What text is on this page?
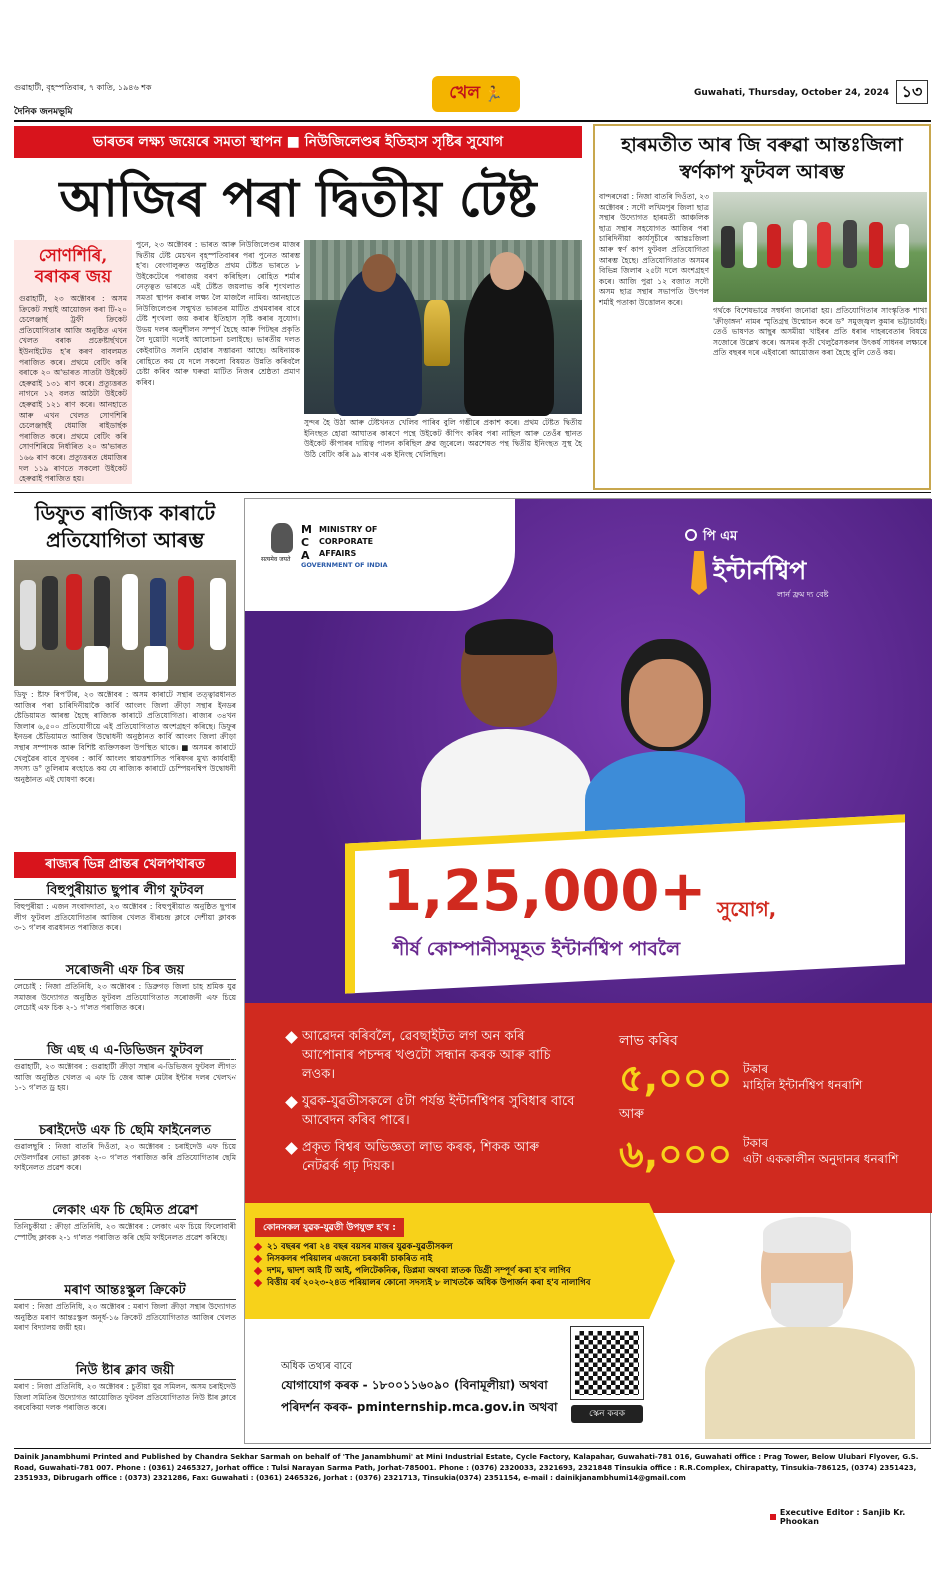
গুৱাহাটী, বৃহস্পতিবাৰ, ৭ কাতি, ১৯৪৬ শক
দৈনিক জনমভূমি
খেল 🏃	Guwahati, Thursday, October 24, 2024 ১৩
ভাৰতৰ লক্ষ্য জয়েৰে সমতা স্থাপন ■ নিউজিলেণ্ডৰ ইতিহাস সৃষ্টিৰ সুযোগ
আজিৰ পৰা দ্বিতীয় টেষ্ট
সোণশিৰি, বৰাকৰ জয়
গুৱাহাটী, ২৩ অক্টোবৰ : অসম ক্ৰিকেট সন্থাই আয়োজন কৰা টি-২০ চেলেঞ্জাৰ্ছ ট্ৰফী ক্ৰিকেট প্ৰতিযোগিতাৰ আজি অনুষ্ঠিত এখন খেলত বৰাক প্ৰক্ৰেষ্টাৰ্ছখনে ইউনাইটেড হ'ৰ কৰণ বাবলমত পৰাজিত কৰে। প্ৰথমে বেটিং কৰি বৰাকে ২০ অ'ভাৰত সাতটা উইকেট হেৰুৱাই ১৩১ ৰাণ কৰে। প্ৰত্যুত্তৰত নাগনে ১২ বলত আঠটা উইকেট হেৰুৱাই ১২১ ৰাণ কৰে। আনহাতে আৰু এখন খেলত সোণশিৰি চেলেঞ্জাৰ্ছই ধেমাজি ৰাইডাৰ্ছক পৰাজিত কৰে। প্ৰথমে বেটিং কৰি সোণশিৰিয়ে নিৰ্ধাৰিত ২০ অ'ভাৰত ১৬৬ ৰাণ কৰে। প্ৰত্যুত্তৰত ধেমাজিৰ দল ১১৯ ৰাণতে সকলো উইকেট হেৰুৱাই পৰাজিত হয়।
পুনে, ২৩ অক্টোবৰ : ভাৰত আৰু নিউজিলেণ্ডৰ মাজৰ দ্বিতীয় টেষ্ট মেচখন বৃহস্পতিবাৰৰ পৰা পুনেত আৰম্ভ হ'ব। বেংগালুৰুত অনুষ্ঠিত প্ৰথম টেষ্টত ভাৰতে ৮ উইকেটেৰে পৰাজয় বৰণ কৰিছিল। ৰোহিত শৰ্মাৰ নেতৃত্বত ভাৰতে এই টেষ্টত জয়লাভ কৰি শৃংখলাত সমতা স্থাপন কৰাৰ লক্ষ্য লৈ মাজলৈ নামিব। আনহাতে নিউজিলেণ্ডৰ সন্মুখত ভাৰতৰ মাটিত প্ৰথমবাৰৰ বাবে টেষ্ট শৃংখলা জয় কৰাৰ ইতিহাস সৃষ্টি কৰাৰ সুযোগ। উভয় দলৰ অনুশীলন সম্পূৰ্ণ হৈছে আৰু পিটছৰ প্ৰকৃতি লৈ দুয়োটা দলেই আলোচনা চলাইছে। ভাৰতীয় দলত কেইবাটাও সলনি হোৱাৰ সম্ভাৱনা আছে। অধিনায়ক ৰোহিতে কয় যে দলে সকলো বিষয়ত উন্নতি কৰিবলৈ চেষ্টা কৰিব আৰু ঘৰুৱা মাটিত নিজৰ শ্ৰেষ্ঠতা প্ৰমাণ কৰিব।
সুন্দৰ হৈ উঠা আৰু টেষ্টখনত খেলিব পাৰিব বুলি গম্ভীৰে প্ৰকাশ কৰে। প্ৰথম টেষ্টত দ্বিতীয় ইনিংছত হোৱা আঘাতৰ কাৰণে পন্থে উইকেট কীপিং কৰিব পৰা নাছিল আৰু তেওঁৰ স্থানত উইকেট কীপাৰৰ দায়িত্ব পালন কৰিছিল ধ্ৰুৱ জুৰেলে। অৱশেষত পন্থ দ্বিতীয় ইনিংছত সুস্থ হৈ উঠি বেটিং কৰি ৯৯ ৰাণৰ এক ইনিংছ খেলিছিল।
হাৰমতীত আৰ জি বৰুৱা আন্তঃজিলা স্বৰ্ণকাপ ফুটবল আৰম্ভ
বান্দৰদেৱা : নিজা বাতৰি দিওঁতা, ২৩ অক্টোবৰ : সদৌ লখিমপুৰ জিলা ছাত্ৰ সন্থাৰ উদ্যোগত হাৰমতী আঞ্চলিক ছাত্ৰ সন্থাৰ সহযোগত আজিৰ পৰা চাৰিদিনীয়া কাৰ্যসূচীৰে আন্তঃজিলা আৰু স্বৰ্ণ কাপ ফুটবল প্ৰতিযোগিতা আৰম্ভ হৈছে। প্ৰতিযোগিতাত অসমৰ বিভিন্ন জিলাৰ ২৫টা দলে অংশগ্ৰহণ কৰে। আজি পুৱা ১২ বজাত সদৌ অসম ছাত্ৰ সন্থাৰ সভাপতি উৎপল শৰ্মাই পতাকা উত্তোলন কৰে।
গৰ্থকে বিশেষভাৱে সম্বৰ্ধনা জনোৱা হয়। প্ৰতিযোগিতাৰ সাংস্কৃতিক শাখা 'ক্ৰীড়াঙ্গন' নামৰ স্মৃতিগ্ৰন্থ উন্মোচন কৰে ড° সমুজ্জ্বল কুমাৰ ভট্টাচাৰ্যই। তেওঁ ভাষণত আছুৰ অসমীয়া খাইৰৰ প্ৰতি ধৰাৰ দাহৰবেতাৰ বিষয়ে সজোৰে উল্লেখ কৰে। অসমৰ কৃতী খেলুৱৈসকলৰ উৎকৰ্ষ সাধনৰ লক্ষ্যৰে প্ৰতি বছৰৰ দৰে এইবাৰো আয়োজন কৰা হৈছে বুলি তেওঁ কয়।
ডিফুত ৰাজ্যিক কাৰাটে প্ৰতিযোগিতা আৰম্ভ
ডিফু : ষ্টাফ ৰিপ'ৰ্টাৰ, ২৩ অক্টোবৰ : অসম কাৰাটে সন্থাৰ তত্ত্বাৱধানত আজিৰ পৰা চাৰিদিনীয়াকৈ কাৰ্বি আংলং জিলা ক্ৰীড়া সন্থাৰ ইনডৰ ষ্টেডিয়ামত আৰম্ভ হৈছে ৰাজ্যিক কাৰাটে প্ৰতিযোগিতা। ৰাজ্যৰ ৩৪খন জিলাৰ ৬,৫০০ প্ৰতিযোগীয়ে এই প্ৰতিযোগিতাত অংশগ্ৰহণ কৰিছে। ডিফুৰ ইনডৰ ষ্টেডিয়ামত আজিৰ উদ্বোধনী অনুষ্ঠানত কাৰ্বি আংলং জিলা ক্ৰীড়া সন্থাৰ সম্পাদক আৰু বিশিষ্ট ব্যক্তিসকল উপস্থিত থাকে। ■ অসমৰ কাৰাটে খেলুৱৈৰ বাবে সুখবৰ : কাৰ্বি আংলং স্বায়ত্তশাসিত পৰিষদৰ মুখ্য কাৰ্যবাহী সদস্য ড° তুলিৰাম ৰংহাঙে কয় যে ৰাজ্যিক কাৰাটে চেম্পিয়নশ্বিপ উদ্বোধনী অনুষ্ঠানত এই ঘোষণা কৰে।
ৰাজ্যৰ ভিন্ন প্ৰান্তৰ খেলপথাৰত
বিহুপুৰীয়াত ছুপাৰ লীগ ফুটবল
বিহুপুৰীয়া : এজন সংবাদদাতা, ২৩ অক্টোবৰ : বিহুপুৰীয়াত অনুষ্ঠিত ছুপাৰ লীগ ফুটবল প্ৰতিযোগিতাৰ আজিৰ খেলত বীৰচন্দ্ৰ ক্লাবে দেশীয়া ক্লাবক ৩-১ গ'লৰ ব্যৱধানত পৰাজিত কৰে।
সৰোজনী এফ চিৰ জয়
লেচোই : নিজা প্ৰতিনিধি, ২৩ অক্টোবৰ : ডিব্ৰুগড় জিলা চাহ শ্ৰমিক যুৱ সমাজৰ উদ্যোগত অনুষ্ঠিত ফুটবল প্ৰতিযোগিতাত সৰোজনী এফ চিয়ে লেচোই এফ চিক ২-১ গ'লত পৰাজিত কৰে।
জি এছ এ এ-ডিভিজন ফুটবল
গুৱাহাটী, ২৩ অক্টোবৰ : গুৱাহাটী ক্ৰীড়া সন্থাৰ এ-ডিভিজন ফুটবল লীগত আজি অনুষ্ঠিত খেলত এ এফ চি জেৰ আৰু মেটাৰ ইন্টাৰ দলৰ খেলখন ১-১ গ'লত ড্ৰ হয়।
চৰাইদেউ এফ চি ছেমি ফাইনেলত
গুৱালছুৰি : নিজা বাতৰি দিওঁতা, ২৩ অক্টোবৰ : চৰাইদেউ এফ চিয়ে দেউলগাঁৱৰ নোভা ক্লাবক ২-০ গ'লত পৰাজিত কৰি প্ৰতিযোগিতাৰ ছেমি ফাইনেলত প্ৰৱেশ কৰে।
লেকাং এফ চি ছেমিত প্ৰৱেশ
তিনিচুকীয়া : ক্ৰীড়া প্ৰতিনিধি, ২৩ অক্টোবৰ : লেকাং এফ চিয়ে ফিলোবাৰী স্পোৰ্টছ ক্লাবক ২-১ গ'লত পৰাজিত কৰি ছেমি ফাইনেলত প্ৰৱেশ কৰিছে।
মৰাণ আন্তঃস্কুল ক্ৰিকেট
মৰাণ : নিজা প্ৰতিনিধি, ২৩ অক্টোবৰ : মৰাণ জিলা ক্ৰীড়া সন্থাৰ উদ্যোগত অনুষ্ঠিত মৰাণ আন্তঃস্কুল অনূৰ্ধ-১৬ ক্ৰিকেট প্ৰতিযোগিতাত আজিৰ খেলত মৰাণ বিদ্যালয় জয়ী হয়।
নিউ ষ্টাৰ ক্লাব জয়ী
মৰাণ : নিজা প্ৰতিনিধি, ২৩ অক্টোবৰ : চুতীয়া যুৱ সমিলন, অসম চৰাইদেউ জিলা সমিতিৰ উদ্যোগত আয়োজিত ফুটবল প্ৰতিযোগিতাত নিউ ষ্টাৰ ক্লাবে বৰবেকিয়া দলক পৰাজিত কৰে।
सत्यमेव जयते
MCA
MINISTRY OF
CORPORATE
AFFAIRS
GOVERNMENT OF INDIA
পি এম
ইন্টাৰ্নশ্বিপ
লাৰ্ন ফ্ৰম দ্য বেষ্ট
1,25,000+ সুযোগ,
শীৰ্ষ কোম্পানীসমূহত ইন্টাৰ্নশ্বিপ পাবলৈ
CBC 07101/13/0009/2425	আৱেদন কৰিবলৈ, ৱেবছাইটত লগ অন কৰি আপোনাৰ পচন্দৰ খণ্ডটো সন্ধান কৰক আৰু বাচি লওক।
যুৱক-যুৱতীসকলে ৫টা পৰ্যন্ত ইন্টাৰ্নশ্বিপৰ সুবিধাৰ বাবে আবেদন কৰিব পাৰে।
প্ৰকৃত বিশ্বৰ অভিজ্ঞতা লাভ কৰক, শিকক আৰু নেটৱৰ্ক গঢ় দিয়ক।
লাভ কৰিব
৫,০০০ টকাৰ
মাহিলি ইন্টাৰ্নশ্বিপ ধনৰাশি
আৰু
৬,০০০ টকাৰ
এটা এককালীন অনুদানৰ ধনৰাশি
কোনসকল যুৱক-যুৱতী উপযুক্ত হ'ব :
২১ বছৰৰ পৰা ২৪ বছৰ বয়সৰ মাজৰ যুৱক-যুৱতীসকল
নিসকলৰ পৰিয়ালৰ এজনো চৰকাৰী চাকৰিত নাই
দশম, দ্বাদশ আই টি আই, পলিটেকনিক, ডিপ্লমা অথবা স্নাতক ডিগ্ৰী সম্পূৰ্ণ কৰা হ'ব লাগিব
বিত্তীয় বৰ্ষ ২০২৩-২৪ত পৰিয়ালৰ কোনো সদস্যই ৮ লাখতকৈ অধিক উপাৰ্জন কৰা হ'ব নালাগিব
অধিক তথ্যৰ বাবে
যোগাযোগ কৰক - ১৮০০১১৬০৯০ (বিনামূলীয়া) অথবা
পৰিদৰ্শন কৰক- pminternship.mca.gov.in অথবা	স্কেন কৰক
Dainik Janambhumi Printed and Published by Chandra Sekhar Sarmah on behalf of 'The Janambhumi' at Mini Industrial Estate, Cycle Factory, Kalapahar, Guwahati-781 016, Guwahati office : Prag Tower, Below Ulubari Flyover, G.S. Road, Guwahati-781 007. Phone : (0361) 2465327, Jorhat office : Tulsi Narayan Sarma Path, Jorhat-785001. Phone : (0376) 2320033, 2321693, 2321848 Tinsukia office : R.R.Complex, Chirapatty, Tinsukia-786125, (0374) 2351423, 2351933, Dibrugarh office : (0373) 2321286, Fax: Guwahati : (0361) 2465326, Jorhat : (0376) 2321713, Tinsukia(0374) 2351154, e-mail : dainikjanambhumi14@gmail.com
Executive Editor : Sanjib Kr. Phookan
